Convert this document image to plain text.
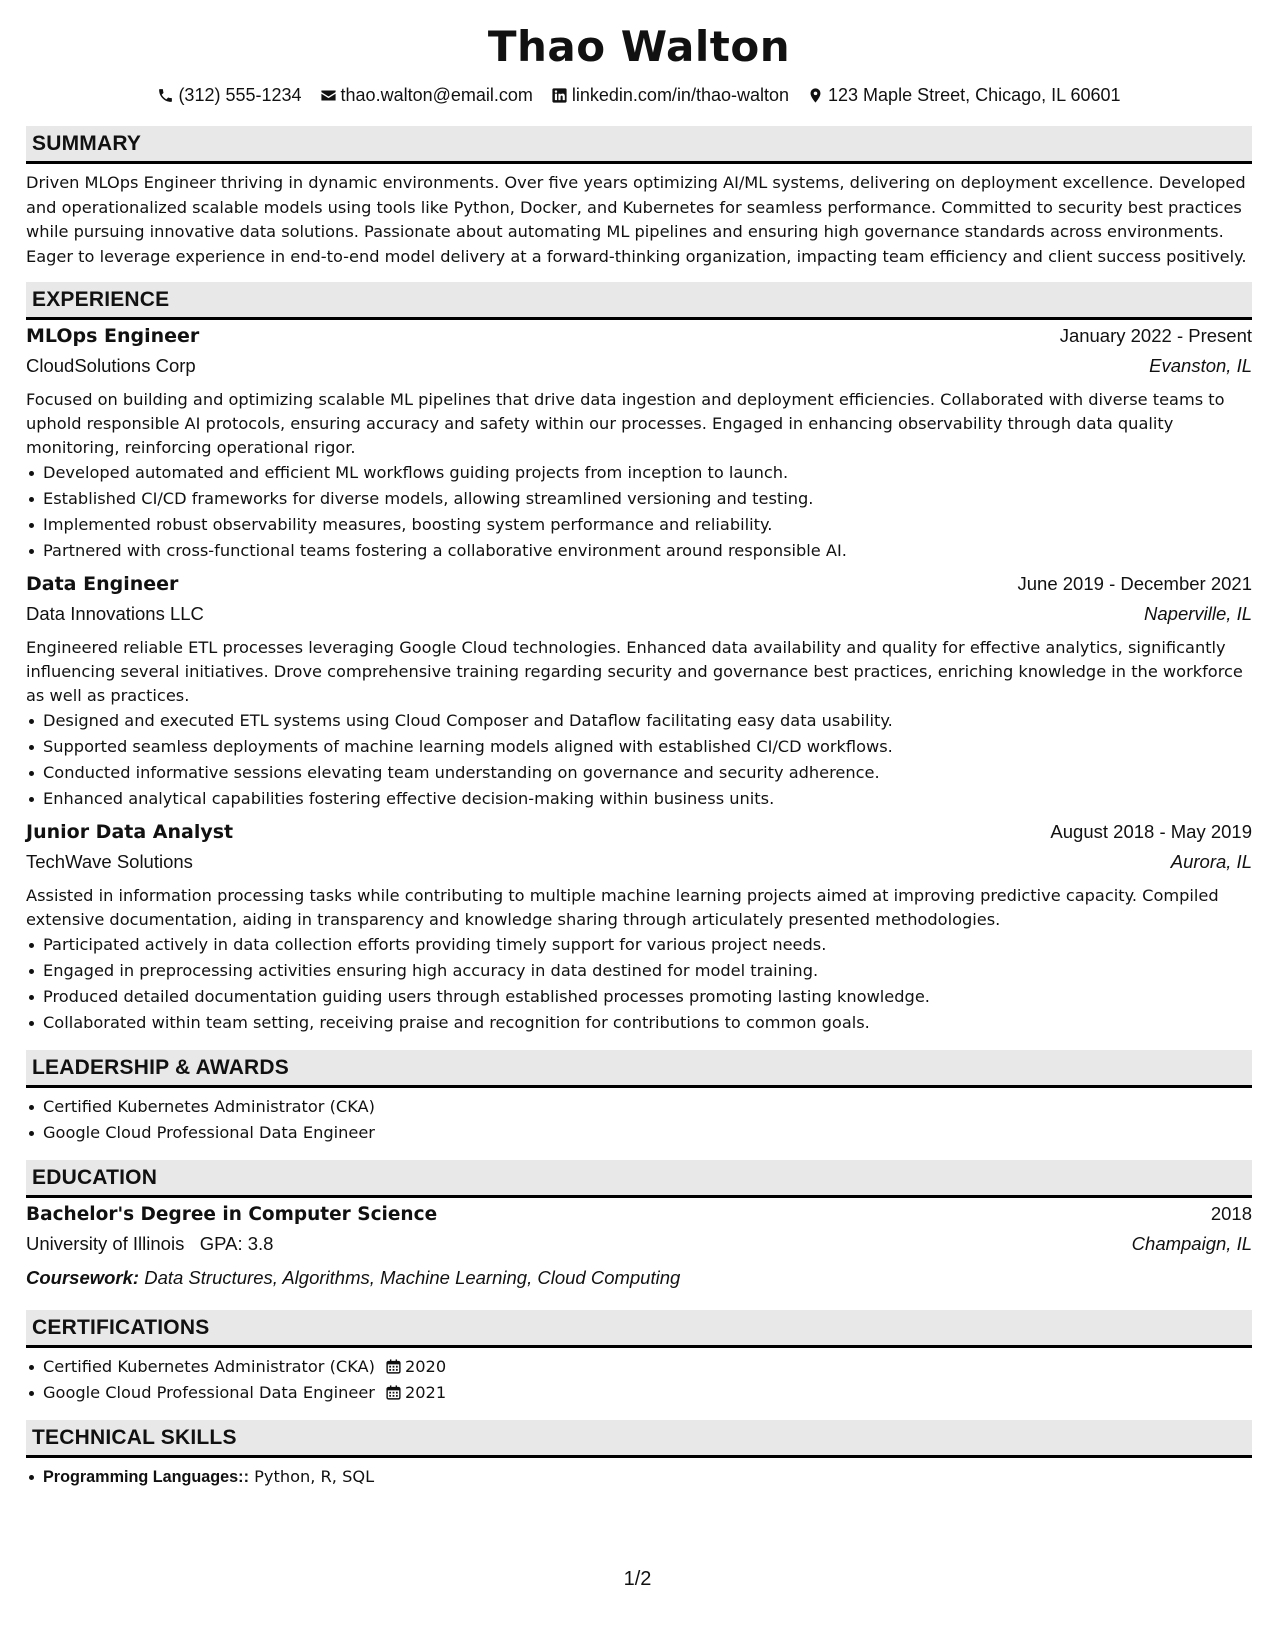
Thao Walton
(312) 555-1234 thao.walton@email.com linkedin.com/in/thao-walton 123 Maple Street, Chicago, IL 60601
SUMMARY

Driven MLOps Engineer thriving in dynamic environments. Over five years optimizing AI/ML systems, delivering on deployment excellence. Developed and operationalized scalable models using tools like Python, Docker, and Kubernetes for seamless performance. Committed to security best practices while pursuing innovative data solutions. Passionate about automating ML pipelines and ensuring high governance standards across environments. Eager to leverage experience in end-to-end model delivery at a forward-thinking organization, impacting team efficiency and client success positively.

EXPERIENCE
MLOps Engineer	January 2022 - Present
CloudSolutions Corp	Evanston, IL

Focused on building and optimizing scalable ML pipelines that drive data ingestion and deployment efficiencies. Collaborated with diverse teams to uphold responsible AI protocols, ensuring accuracy and safety within our processes. Engaged in enhancing observability through data quality monitoring, reinforcing operational rigor.

Developed automated and efficient ML workflows guiding projects from inception to launch.
Established CI/CD frameworks for diverse models, allowing streamlined versioning and testing.
Implemented robust observability measures, boosting system performance and reliability.
Partnered with cross-functional teams fostering a collaborative environment around responsible AI.
Data Engineer	June 2019 - December 2021
Data Innovations LLC	Naperville, IL

Engineered reliable ETL processes leveraging Google Cloud technologies. Enhanced data availability and quality for effective analytics, significantly influencing several initiatives. Drove comprehensive training regarding security and governance best practices, enriching knowledge in the workforce as well as practices.

Designed and executed ETL systems using Cloud Composer and Dataflow facilitating easy data usability.
Supported seamless deployments of machine learning models aligned with established CI/CD workflows.
Conducted informative sessions elevating team understanding on governance and security adherence.
Enhanced analytical capabilities fostering effective decision-making within business units.
Junior Data Analyst	August 2018 - May 2019
TechWave Solutions	Aurora, IL

Assisted in information processing tasks while contributing to multiple machine learning projects aimed at improving predictive capacity. Compiled extensive documentation, aiding in transparency and knowledge sharing through articulately presented methodologies.

Participated actively in data collection efforts providing timely support for various project needs.
Engaged in preprocessing activities ensuring high accuracy in data destined for model training.
Produced detailed documentation guiding users through established processes promoting lasting knowledge.
Collaborated within team setting, receiving praise and recognition for contributions to common goals.
LEADERSHIP & AWARDS
Certified Kubernetes Administrator (CKA)
Google Cloud Professional Data Engineer
EDUCATION
Bachelor's Degree in Computer Science	2018
University of Illinois GPA: 3.8	Champaign, IL
Coursework: Data Structures, Algorithms, Machine Learning, Cloud Computing
CERTIFICATIONS
Certified Kubernetes Administrator (CKA) 2020
Google Cloud Professional Data Engineer 2021
TECHNICAL SKILLS
Programming Languages:: Python, R, SQL
1/2
